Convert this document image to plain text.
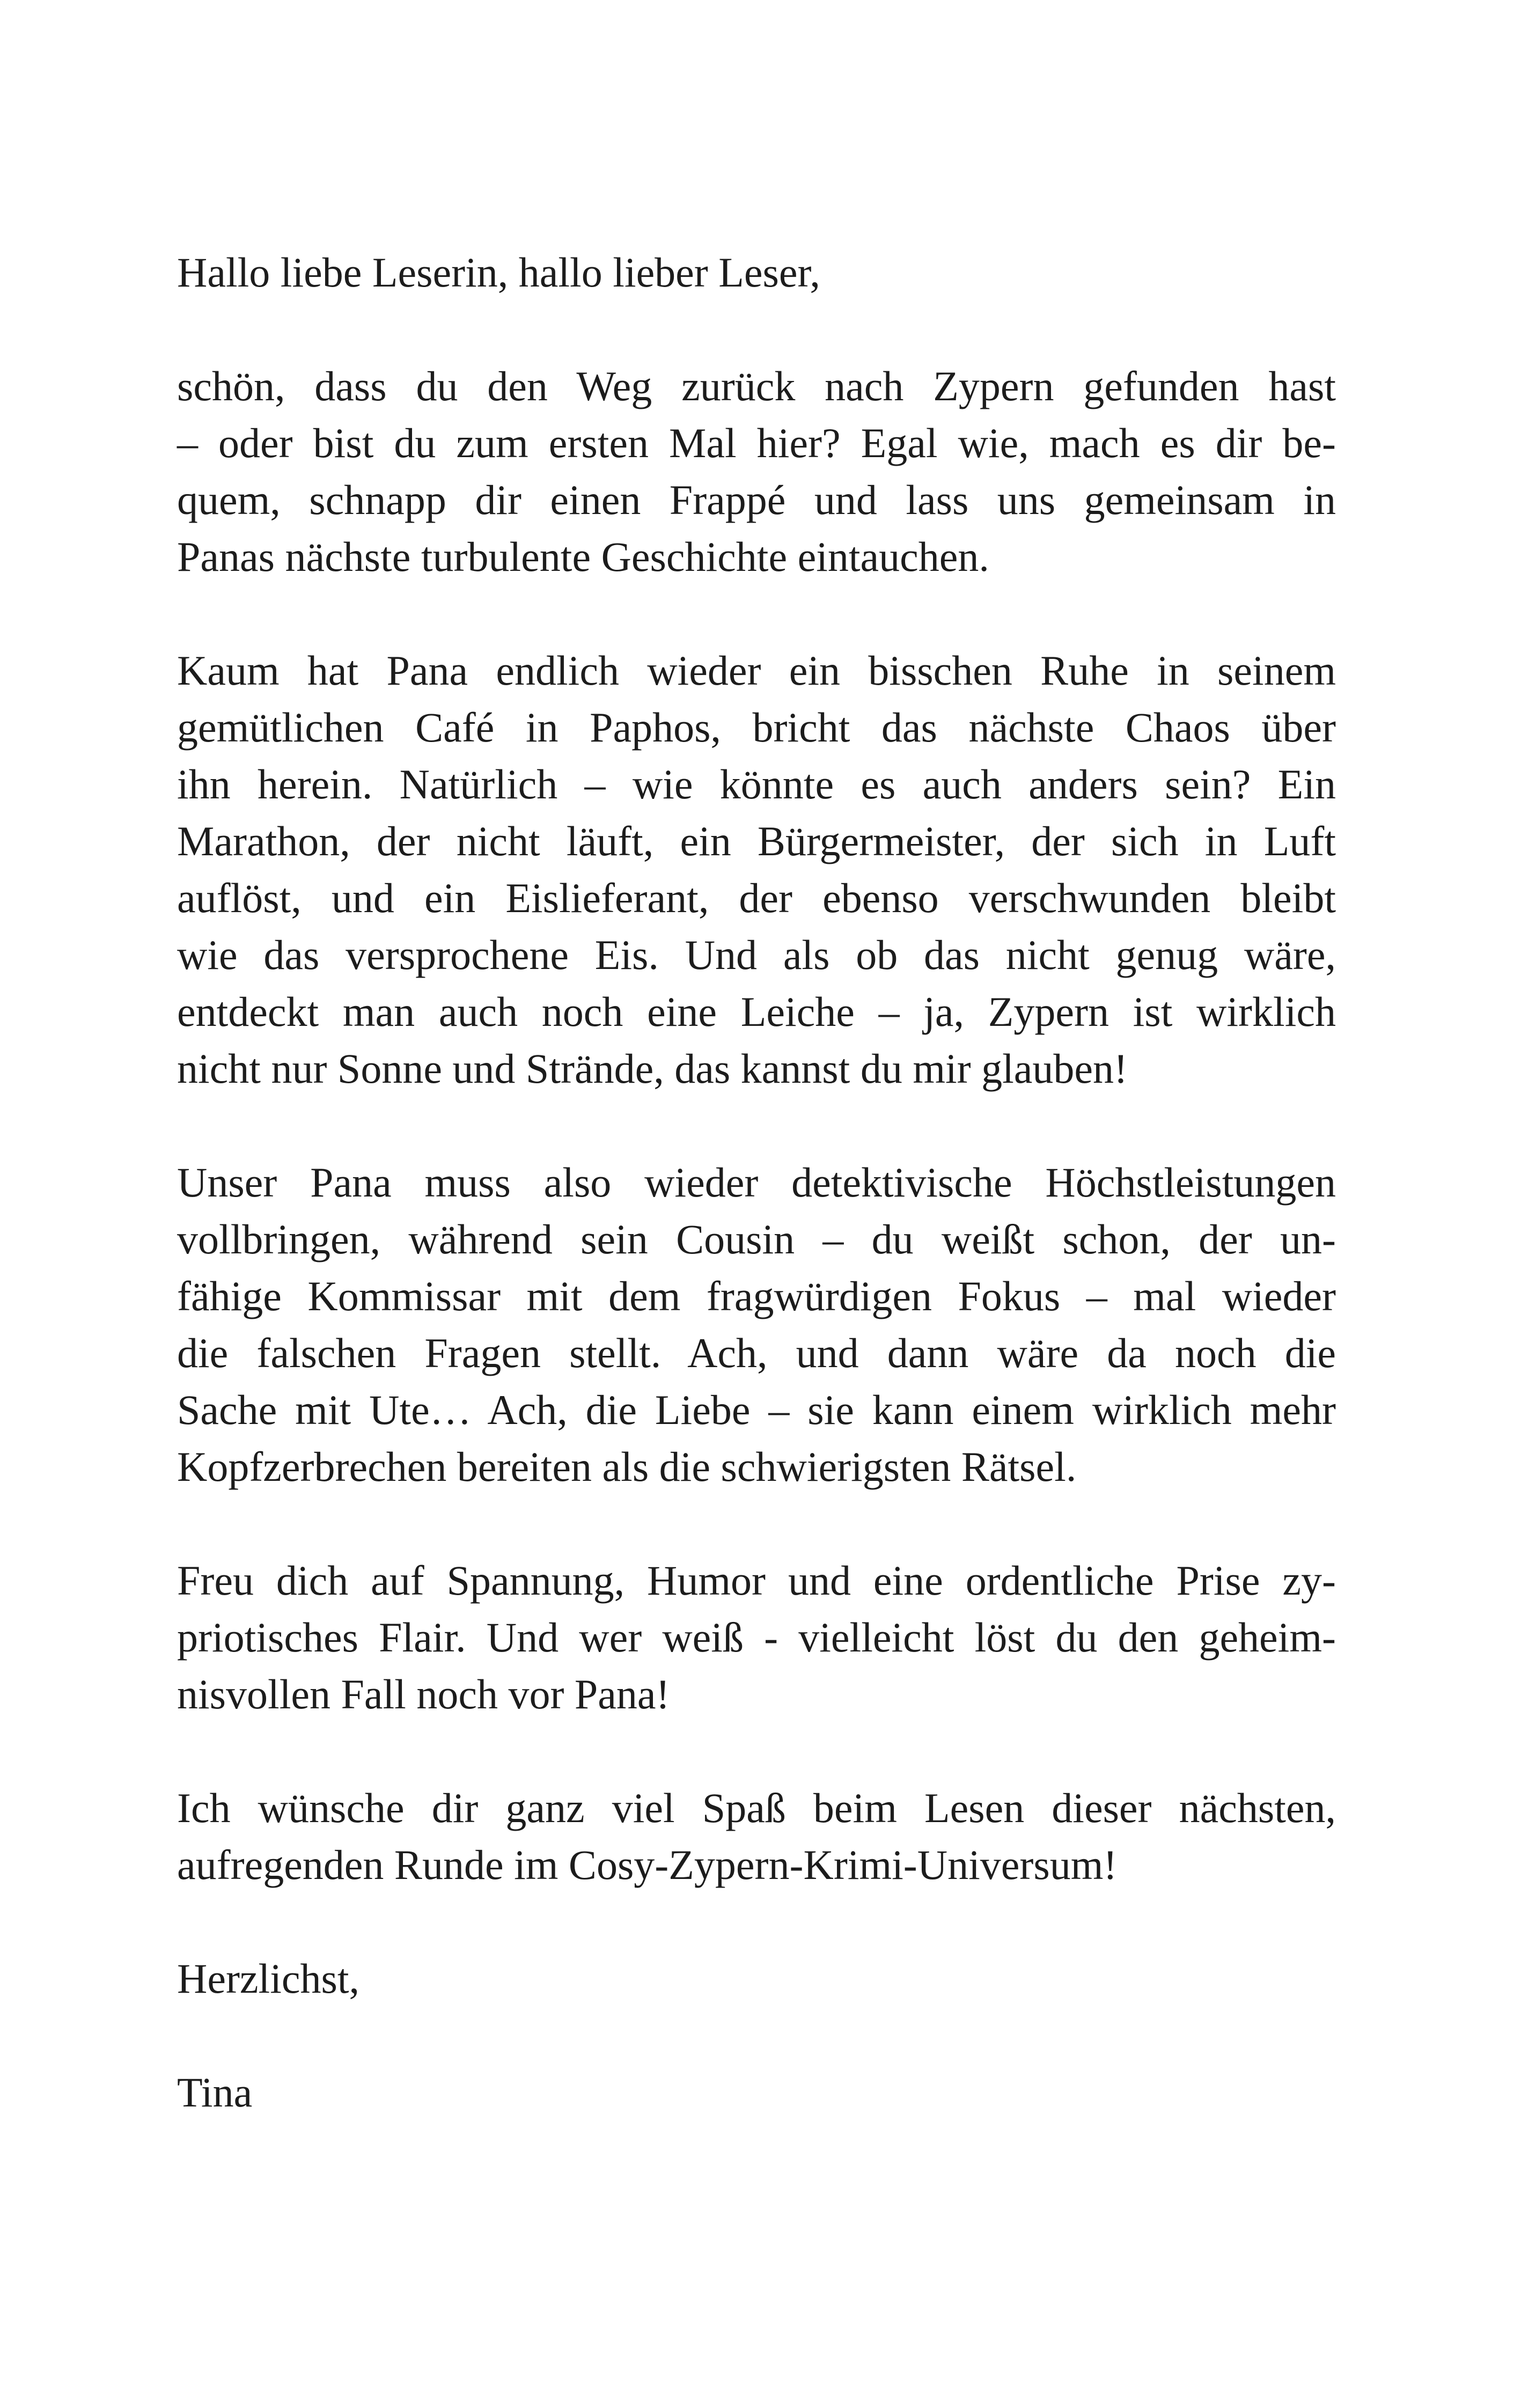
Hallo liebe Leserin, hallo lieber Leser,
schön, dass du den Weg zurück nach Zypern gefunden hast
– oder bist du zum ersten Mal hier? Egal wie, mach es dir be-
quem, schnapp dir einen Frappé und lass uns gemeinsam in
Panas nächste turbulente Geschichte eintauchen.
Kaum hat Pana endlich wieder ein bisschen Ruhe in seinem
gemütlichen Café in Paphos, bricht das nächste Chaos über
ihn herein. Natürlich – wie könnte es auch anders sein? Ein
Marathon, der nicht läuft, ein Bürgermeister, der sich in Luft
auflöst, und ein Eislieferant, der ebenso verschwunden bleibt
wie das versprochene Eis. Und als ob das nicht genug wäre,
entdeckt man auch noch eine Leiche – ja, Zypern ist wirklich
nicht nur Sonne und Strände, das kannst du mir glauben!
Unser Pana muss also wieder detektivische Höchstleistungen
vollbringen, während sein Cousin – du weißt schon, der un-
fähige Kommissar mit dem fragwürdigen Fokus – mal wieder
die falschen Fragen stellt. Ach, und dann wäre da noch die
Sache mit Ute… Ach, die Liebe – sie kann einem wirklich mehr
Kopfzerbrechen bereiten als die schwierigsten Rätsel.
Freu dich auf Spannung, Humor und eine ordentliche Prise zy-
priotisches Flair. Und wer weiß - vielleicht löst du den geheim-
nisvollen Fall noch vor Pana!
Ich wünsche dir ganz viel Spaß beim Lesen dieser nächsten,
aufregenden Runde im Cosy-Zypern-Krimi-Universum!
Herzlichst,
Tina
